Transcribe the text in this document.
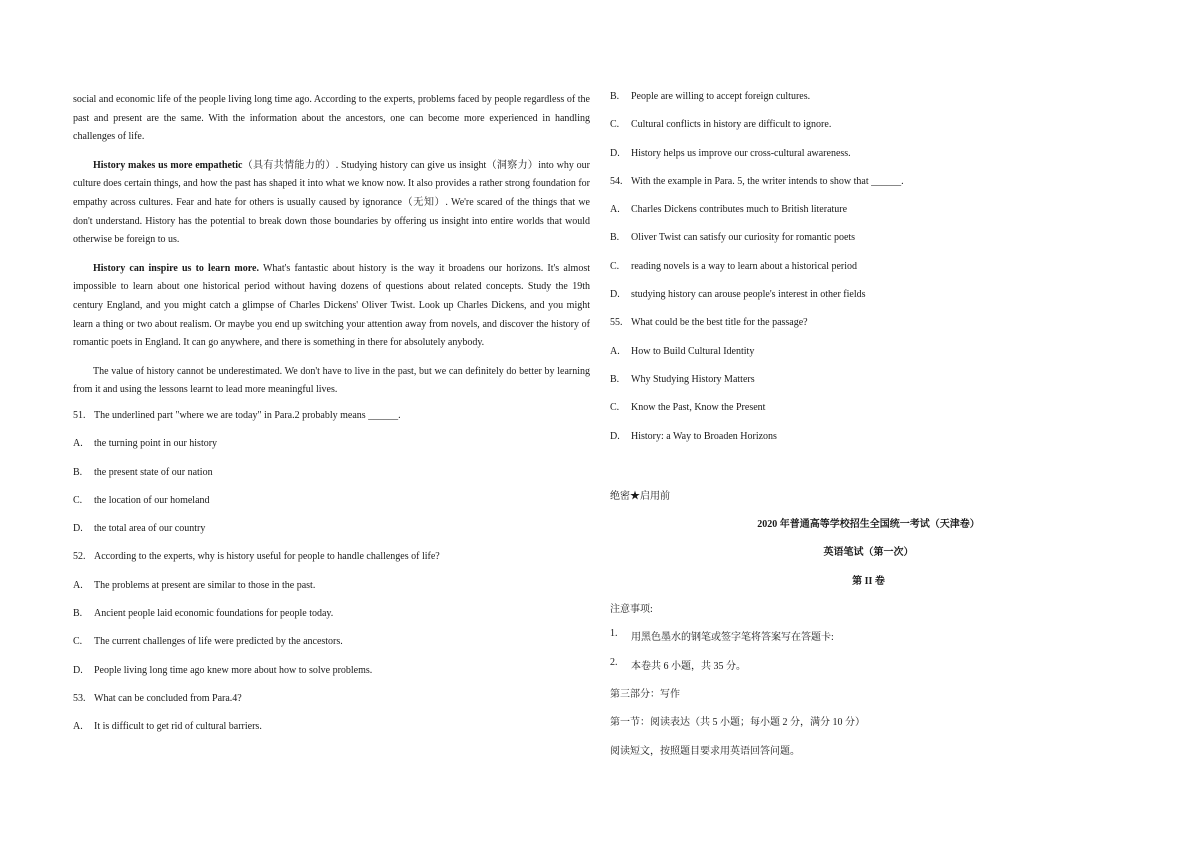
social and economic life of the people living long time ago. According to the experts, problems faced by people regardless of the past and present are the same. With the information about the ancestors, one can become more experienced in handling challenges of life.

History makes us more empathetic（具有共情能力的）. Studying history can give us insight（洞察力）into why our culture does certain things, and how the past has shaped it into what we know now. It also provides a rather strong foundation for empathy across cultures. Fear and hate for others is usually caused by ignorance（无知）. We're scared of the things that we don't understand. History has the potential to break down those boundaries by offering us insight into entire worlds that would otherwise be foreign to us.

History can inspire us to learn more. What's fantastic about history is the way it broadens our horizons. It's almost impossible to learn about one historical period without having dozens of questions about related concepts. Study the 19th century England, and you might catch a glimpse of Charles Dickens' Oliver Twist. Look up Charles Dickens, and you might learn a thing or two about realism. Or maybe you end up switching your attention away from novels, and discover the history of romantic poets in England. It can go anywhere, and there is something in there for absolutely anybody.

The value of history cannot be underestimated. We don't have to live in the past, but we can definitely do better by learning from it and using the lessons learnt to lead more meaningful lives.

51. The underlined part "where we are today" in Para.2 probably means ______.
A.	the turning point in our history
B.	the present state of our nation
C.	the location of our homeland
D.	the total area of our country
52. According to the experts, why is history useful for people to handle challenges of life?
A.	The problems at present are similar to those in the past.
B.	Ancient people laid economic foundations for people today.
C.	The current challenges of life were predicted by the ancestors.
D.	People living long time ago knew more about how to solve problems.
53. What can be concluded from Para.4?
A.	It is difficult to get rid of cultural barriers.
B.	People are willing to accept foreign cultures.
C.	Cultural conflicts in history are difficult to ignore.
D.	History helps us improve our cross-cultural awareness.
54. With the example in Para. 5, the writer intends to show that ______.
A.	Charles Dickens contributes much to British literature
B.	Oliver Twist can satisfy our curiosity for romantic poets
C.	reading novels is a way to learn about a historical period
D.	studying history can arouse people's interest in other fields
55. What could be the best title for the passage?
A.	How to Build Cultural Identity
B.	Why Studying History Matters
C.	Know the Past, Know the Present
D.	History: a Way to Broaden Horizons
绝密★启用前
2020 年普通高等学校招生全国统一考试（天津卷）
英语笔试（第一次）
第 II 卷
注意事项:
1.	用黑色墨水的钢笔或签字笔将答案写在答题卡:
2.	本卷共 6 小题，共 35 分。
第三部分：写作
第一节：阅读表达（共 5 小题；每小题 2 分，满分 10 分）
阅读短文，按照题目要求用英语回答问题。
